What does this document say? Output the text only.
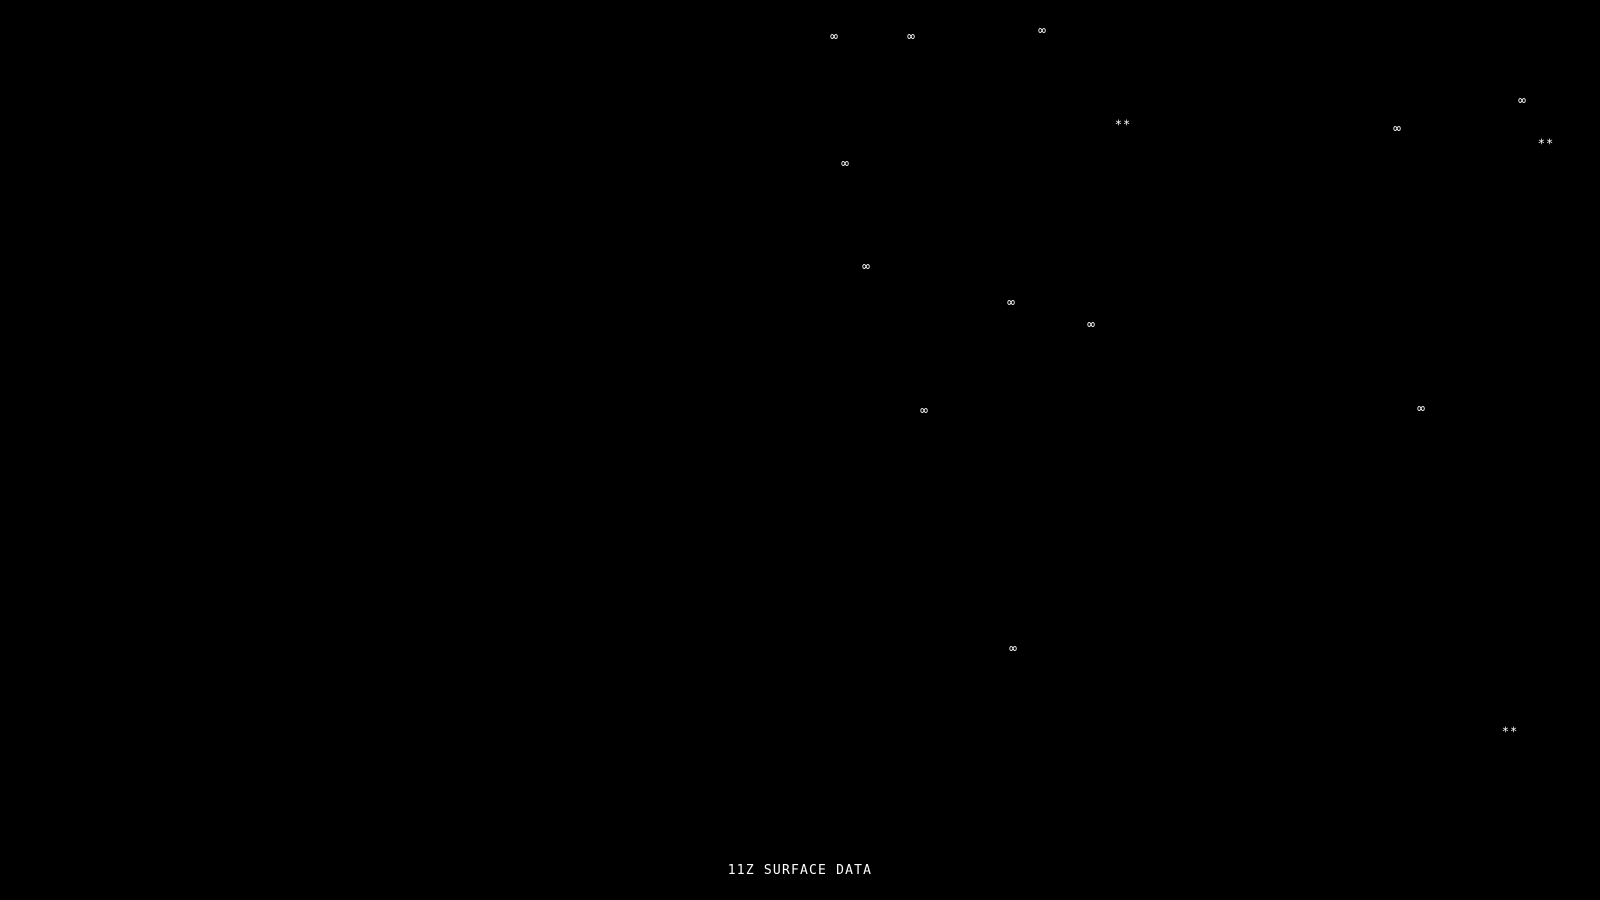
∞	∞	∞
∞
**	∞
**
∞
∞
∞
∞
∞	∞
∞
**
11Z SURFACE DATA
